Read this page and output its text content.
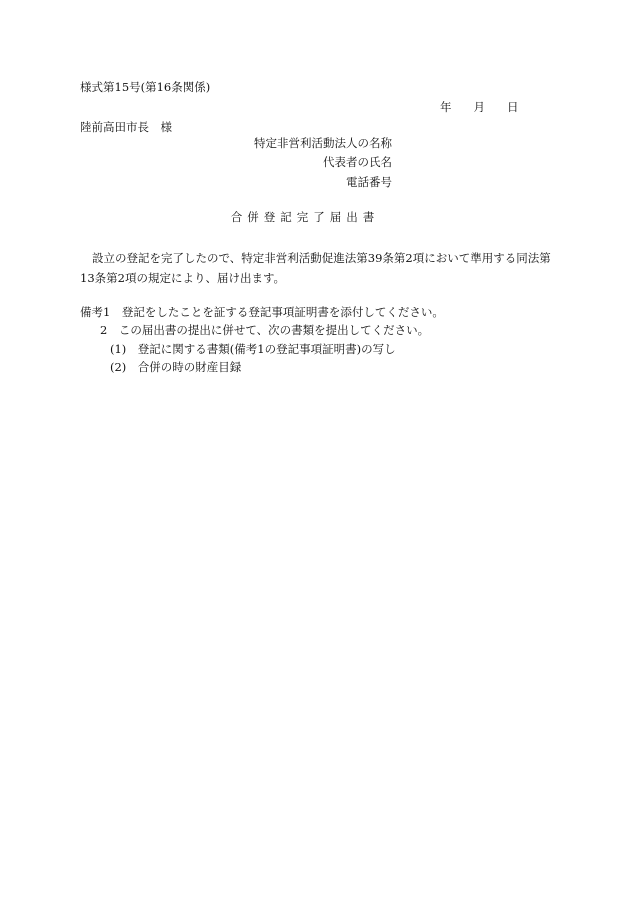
様式第15号(第16条関係)
年 月 日
陸前高田市長　様
特定非営利活動法人の名称
代表者の氏名
電話番号
合併登記完了届出書
設立の登記を完了したので、特定非営利活動促進法第39条第2項において準用する同法第13条第2項の規定により、届け出ます。
備考1　登記をしたことを証する登記事項証明書を添付してください。
2　この届出書の提出に併せて、次の書類を提出してください。
(1)　登記に関する書類(備考1の登記事項証明書)の写し
(2)　合併の時の財産目録
